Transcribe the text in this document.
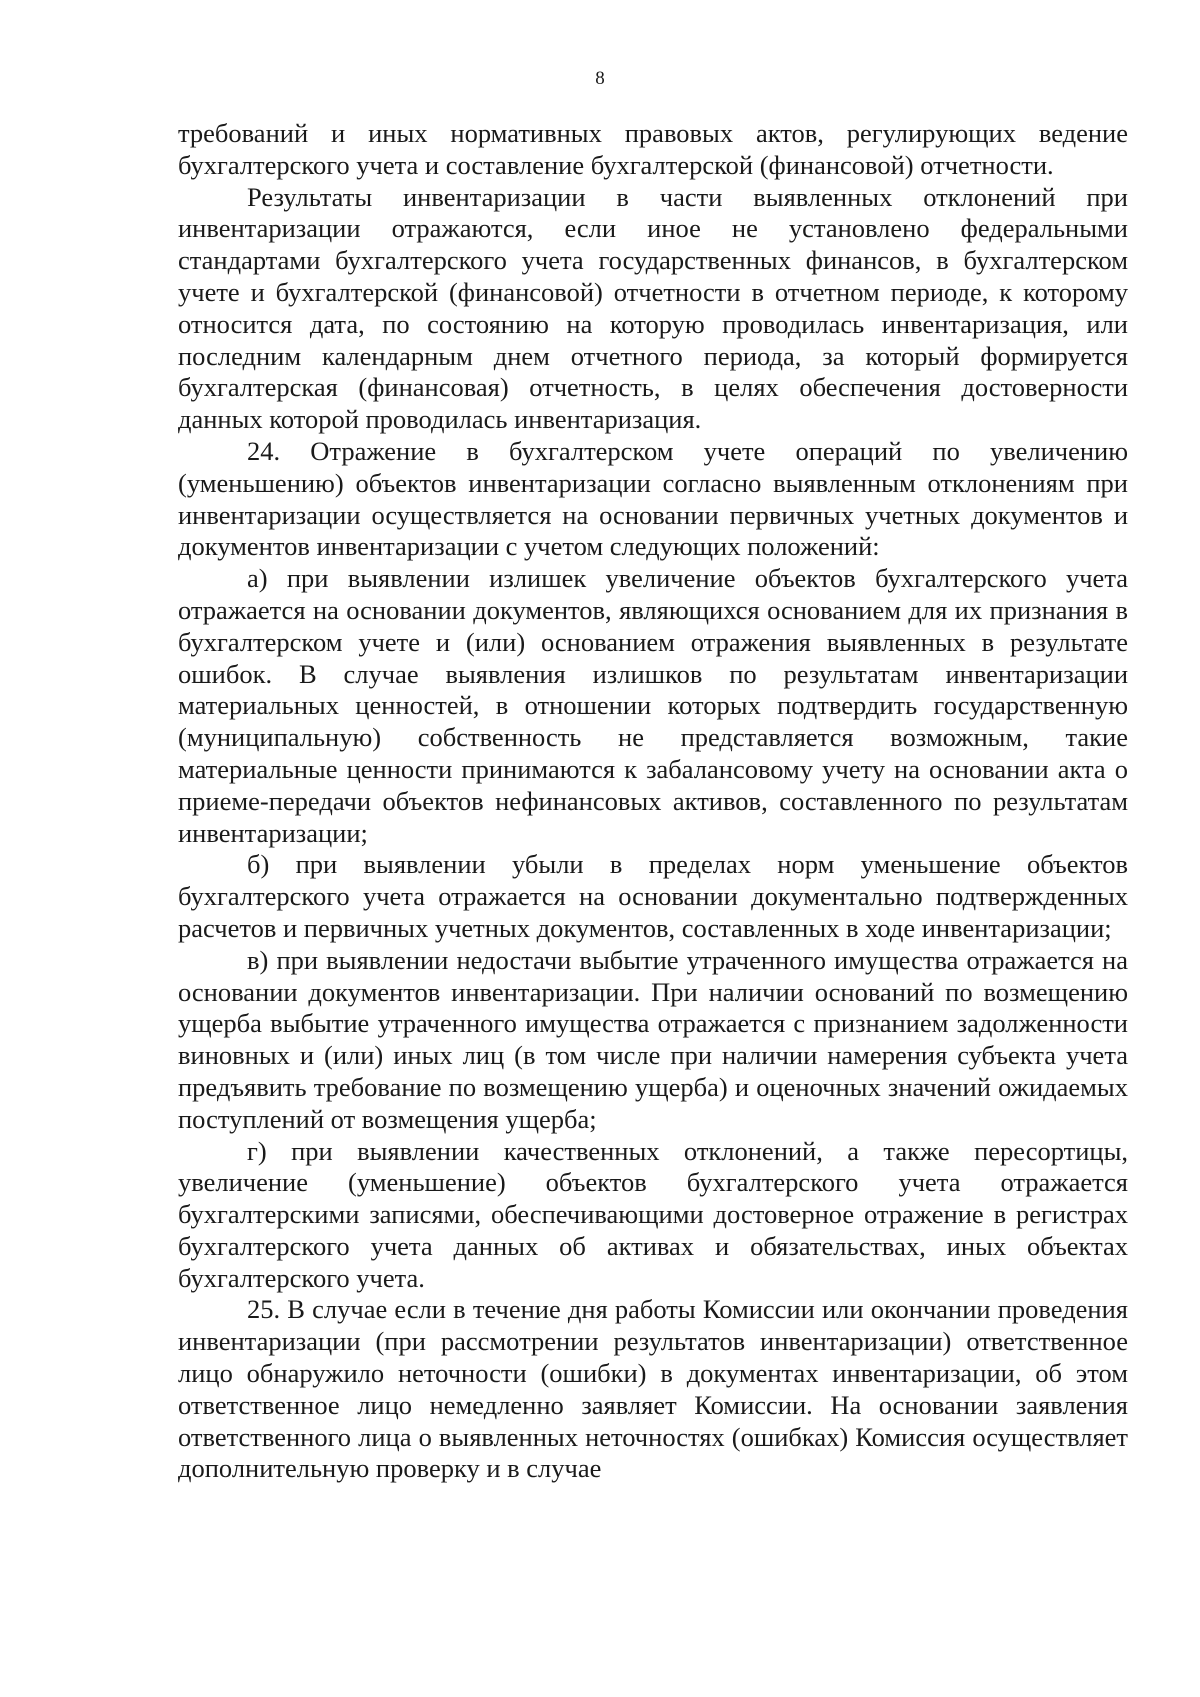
8

требований и иных нормативных правовых актов, регулирующих ведение бухгалтерского учета и составление бухгалтерской (финансовой) отчетности.

Результаты инвентаризации в части выявленных отклонений при инвентаризации отражаются, если иное не установлено федеральными стандартами бухгалтерского учета государственных финансов, в бухгалтерском учете и бухгалтерской (финансовой) отчетности в отчетном периоде, к которому относится дата, по состоянию на которую проводилась инвентаризация, или последним календарным днем отчетного периода, за который формируется бухгалтерская (финансовая) отчетность, в целях обеспечения достоверности данных которой проводилась инвентаризация.

24. Отражение в бухгалтерском учете операций по увеличению (уменьшению) объектов инвентаризации согласно выявленным отклонениям при инвентаризации осуществляется на основании первичных учетных документов и документов инвентаризации с учетом следующих положений:

а) при выявлении излишек увеличение объектов бухгалтерского учета отражается на основании документов, являющихся основанием для их признания в бухгалтерском учете и (или) основанием отражения выявленных в результате ошибок. В случае выявления излишков по результатам инвентаризации материальных ценностей, в отношении которых подтвердить государственную (муниципальную) собственность не представляется возможным, такие материальные ценности принимаются к забалансовому учету на основании акта о приеме-передачи объектов нефинансовых активов, составленного по результатам инвентаризации;

б) при выявлении убыли в пределах норм уменьшение объектов бухгалтерского учета отражается на основании документально подтвержденных расчетов и первичных учетных документов, составленных в ходе инвентаризации;

в) при выявлении недостачи выбытие утраченного имущества отражается на основании документов инвентаризации. При наличии оснований по возмещению ущерба выбытие утраченного имущества отражается с признанием задолженности виновных и (или) иных лиц (в том числе при наличии намерения субъекта учета предъявить требование по возмещению ущерба) и оценочных значений ожидаемых поступлений от возмещения ущерба;

г) при выявлении качественных отклонений, а также пересортицы, увеличение (уменьшение) объектов бухгалтерского учета отражается бухгалтерскими записями, обеспечивающими достоверное отражение в регистрах бухгалтерского учета данных об активах и обязательствах, иных объектах бухгалтерского учета.

25. В случае если в течение дня работы Комиссии или окончании проведения инвентаризации (при рассмотрении результатов инвентаризации) ответственное лицо обнаружило неточности (ошибки) в документах инвентаризации, об этом ответственное лицо немедленно заявляет Комиссии. На основании заявления ответственного лица о выявленных неточностях (ошибках) Комиссия осуществляет дополнительную проверку и в случае
